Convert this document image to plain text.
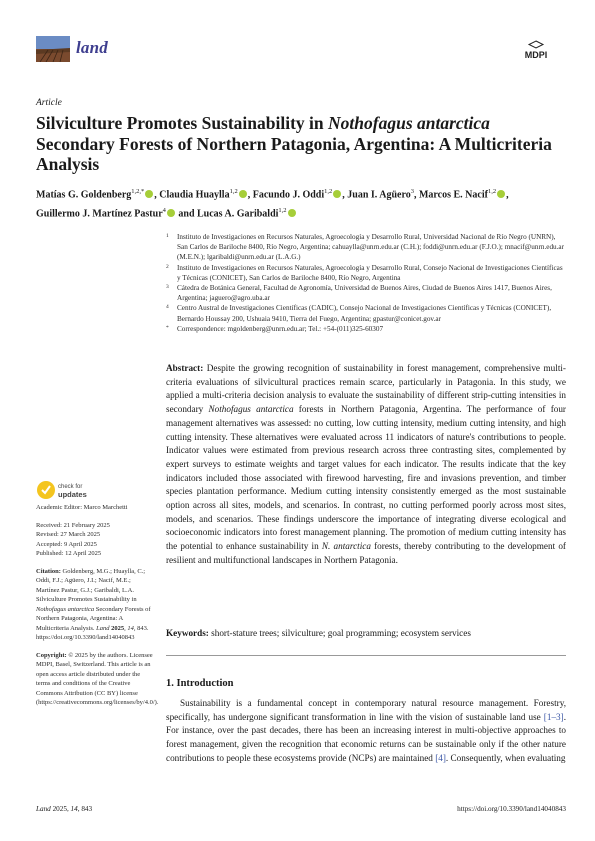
land	MDPI
Article
Silviculture Promotes Sustainability in Nothofagus antarctica Secondary Forests of Northern Patagonia, Argentina: A Multicriteria Analysis
Matías G. Goldenberg$^{1,2,*}$ , Claudia Huaylla$^{1,2}$ , Facundo J. Oddi$^{1,2}$ , Juan I. Agüero$^3$, Marcos E. Nacif$^{1,2}$ ,
Guillermo J. Martínez Pastur$^4$ and Lucas A. Garibaldi$^{1,2}$
1	Instituto de Investigaciones en Recursos Naturales, Agroecología y Desarrollo Rural, Universidad Nacional de Río Negro (UNRN), San Carlos de Bariloche 8400, Río Negro, Argentina; cahuaylla@unrn.edu.ar (C.H.); foddi@unrn.edu.ar (F.J.O.); mnacif@unrn.edu.ar (M.E.N.); lgaribaldi@unrn.edu.ar (L.A.G.)
2	Instituto de Investigaciones en Recursos Naturales, Agroecología y Desarrollo Rural, Consejo Nacional de Investigaciones Científicas y Técnicas (CONICET), San Carlos de Bariloche 8400, Río Negro, Argentina
3	Cátedra de Botánica General, Facultad de Agronomía, Universidad de Buenos Aires, Ciudad de Buenos Aires 1417, Buenos Aires, Argentina; jaguero@agro.uba.ar
4	Centro Austral de Investigaciones Científicas (CADIC), Consejo Nacional de Investigaciones Científicas y Técnicas (CONICET), Bernardo Houssay 200, Ushuaia 9410, Tierra del Fuego, Argentina; gpastur@conicet.gov.ar
*	Correspondence: mgoldenberg@unrn.edu.ar; Tel.: +54-(011)325-60307
Abstract: Despite the growing recognition of sustainability in forest management, comprehensive multi-criteria evaluations of silvicultural practices remain scarce, particularly in Patagonia. In this study, we applied a multi-criteria decision analysis to evaluate the sustainability of different strip-cutting intensities in secondary Nothofagus antarctica forests in Northern Patagonia, Argentina. The performance of four management alternatives was assessed: no cutting, low cutting intensity, medium cutting intensity, and high cutting intensity. These alternatives were evaluated across 11 indicators of nature's contributions to people. Indicator values were estimated from previous research across three contrasting sites, complemented by expert surveys to estimate weights and target values for each indicator. The results indicate that the key indicators included those associated with firewood harvesting, fire and invasions prevention, and timber species plantation performance. Medium cutting intensity consistently emerged as the most sustainable option across all sites, models, and scenarios. In contrast, no cutting performed poorly across most sites, models, and scenarios. These findings underscore the importance of integrating diverse ecological and socioeconomic indicators into forest management planning. The promotion of medium cutting intensity has the potential to enhance sustainability in N. antarctica forests, thereby contributing to the development of resilient and multifunctional landscapes in Northern Patagonia.
Keywords: short-stature trees; silviculture; goal programming; ecosystem services
1. Introduction
Sustainability is a fundamental concept in contemporary natural resource management. Forestry, specifically, has undergone significant transformation in line with the vision of sustainable land use [1–3]. For instance, over the past decades, there has been an increasing interest in multi-objective approaches to forest management, given the recognition that economic returns can be sustainable only if the other nature contributions to people these ecosystems provide (NCPs) are maintained [4]. Consequently, when evaluating
check for
updates

Academic Editor: Marco Marchetti

Received: 21 February 2025

Revised: 27 March 2025

Accepted: 9 April 2025

Published: 12 April 2025

Citation: Goldenberg, M.G.; Huaylla, C.; Oddi, F.J.; Agüero, J.I.; Nacif, M.E.; Martínez Pastur, G.J.; Garibaldi, L.A. Silviculture Promotes Sustainability in Nothofagus antarctica Secondary Forests of Northern Patagonia, Argentina: A Multicriteria Analysis. Land 2025, 14, 843. https://doi.org/10.3390/land14040843

Copyright: © 2025 by the authors. Licensee MDPI, Basel, Switzerland. This article is an open access article distributed under the terms and conditions of the Creative Commons Attribution (CC BY) license (https://creativecommons.org/licenses/by/4.0/).

Land 2025, 14, 843	https://doi.org/10.3390/land14040843
